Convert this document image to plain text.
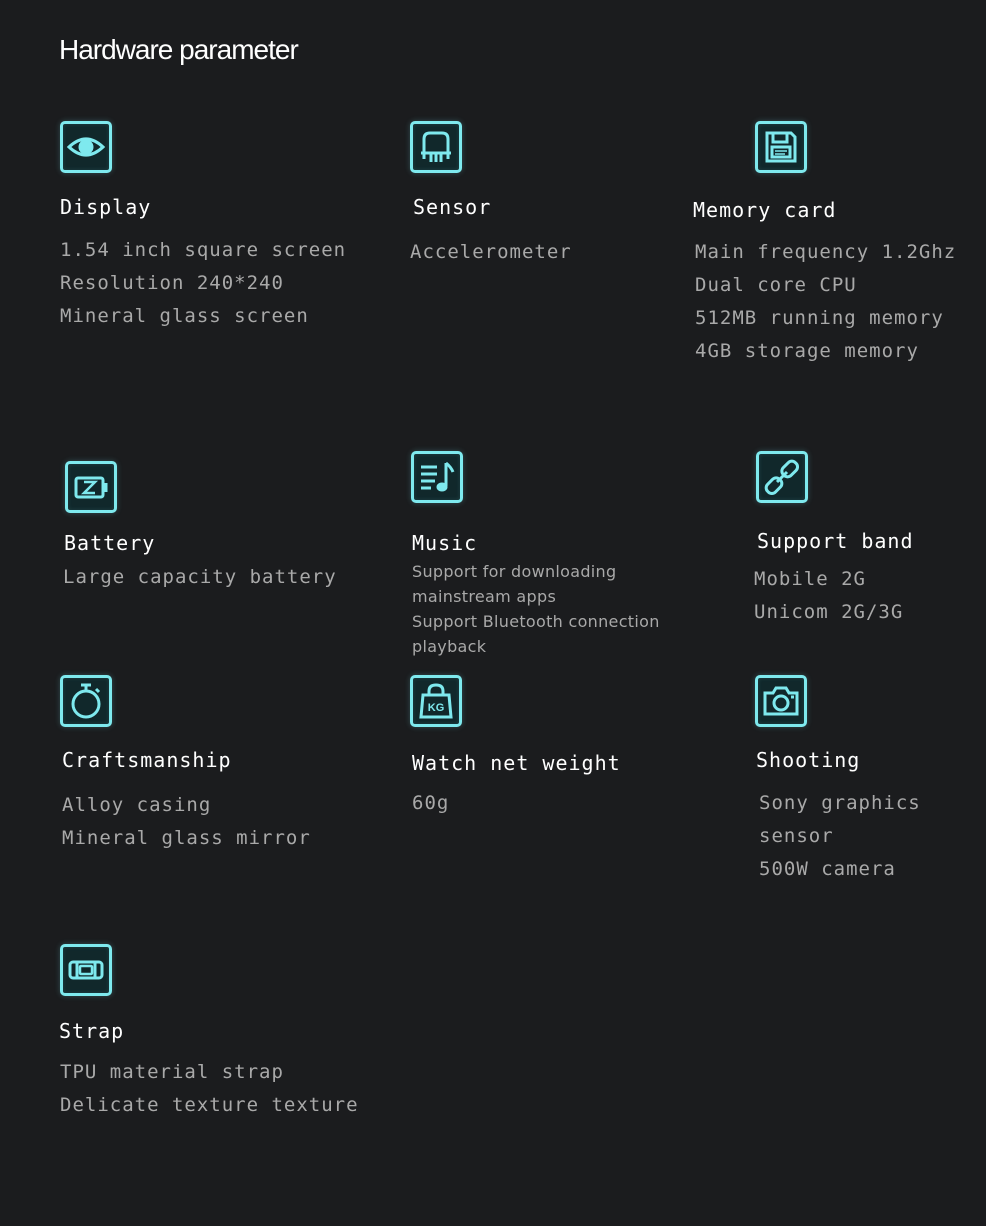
Hardware parameter
Display
1.54 inch square screen
Resolution 240*240
Mineral glass screen
Sensor
Accelerometer
Memory card
Main frequency 1.2Ghz
Dual core CPU
512MB running memory
4GB storage memory
Battery
Large capacity battery
Music
Support for downloading
mainstream apps
Support Bluetooth connection
playback
Support band
Mobile 2G
Unicom 2G/3G
Craftsmanship
Alloy casing
Mineral glass mirror
KG
Watch net weight
60g
Shooting
Sony graphics
sensor
500W camera
Strap
TPU material strap
Delicate texture texture
